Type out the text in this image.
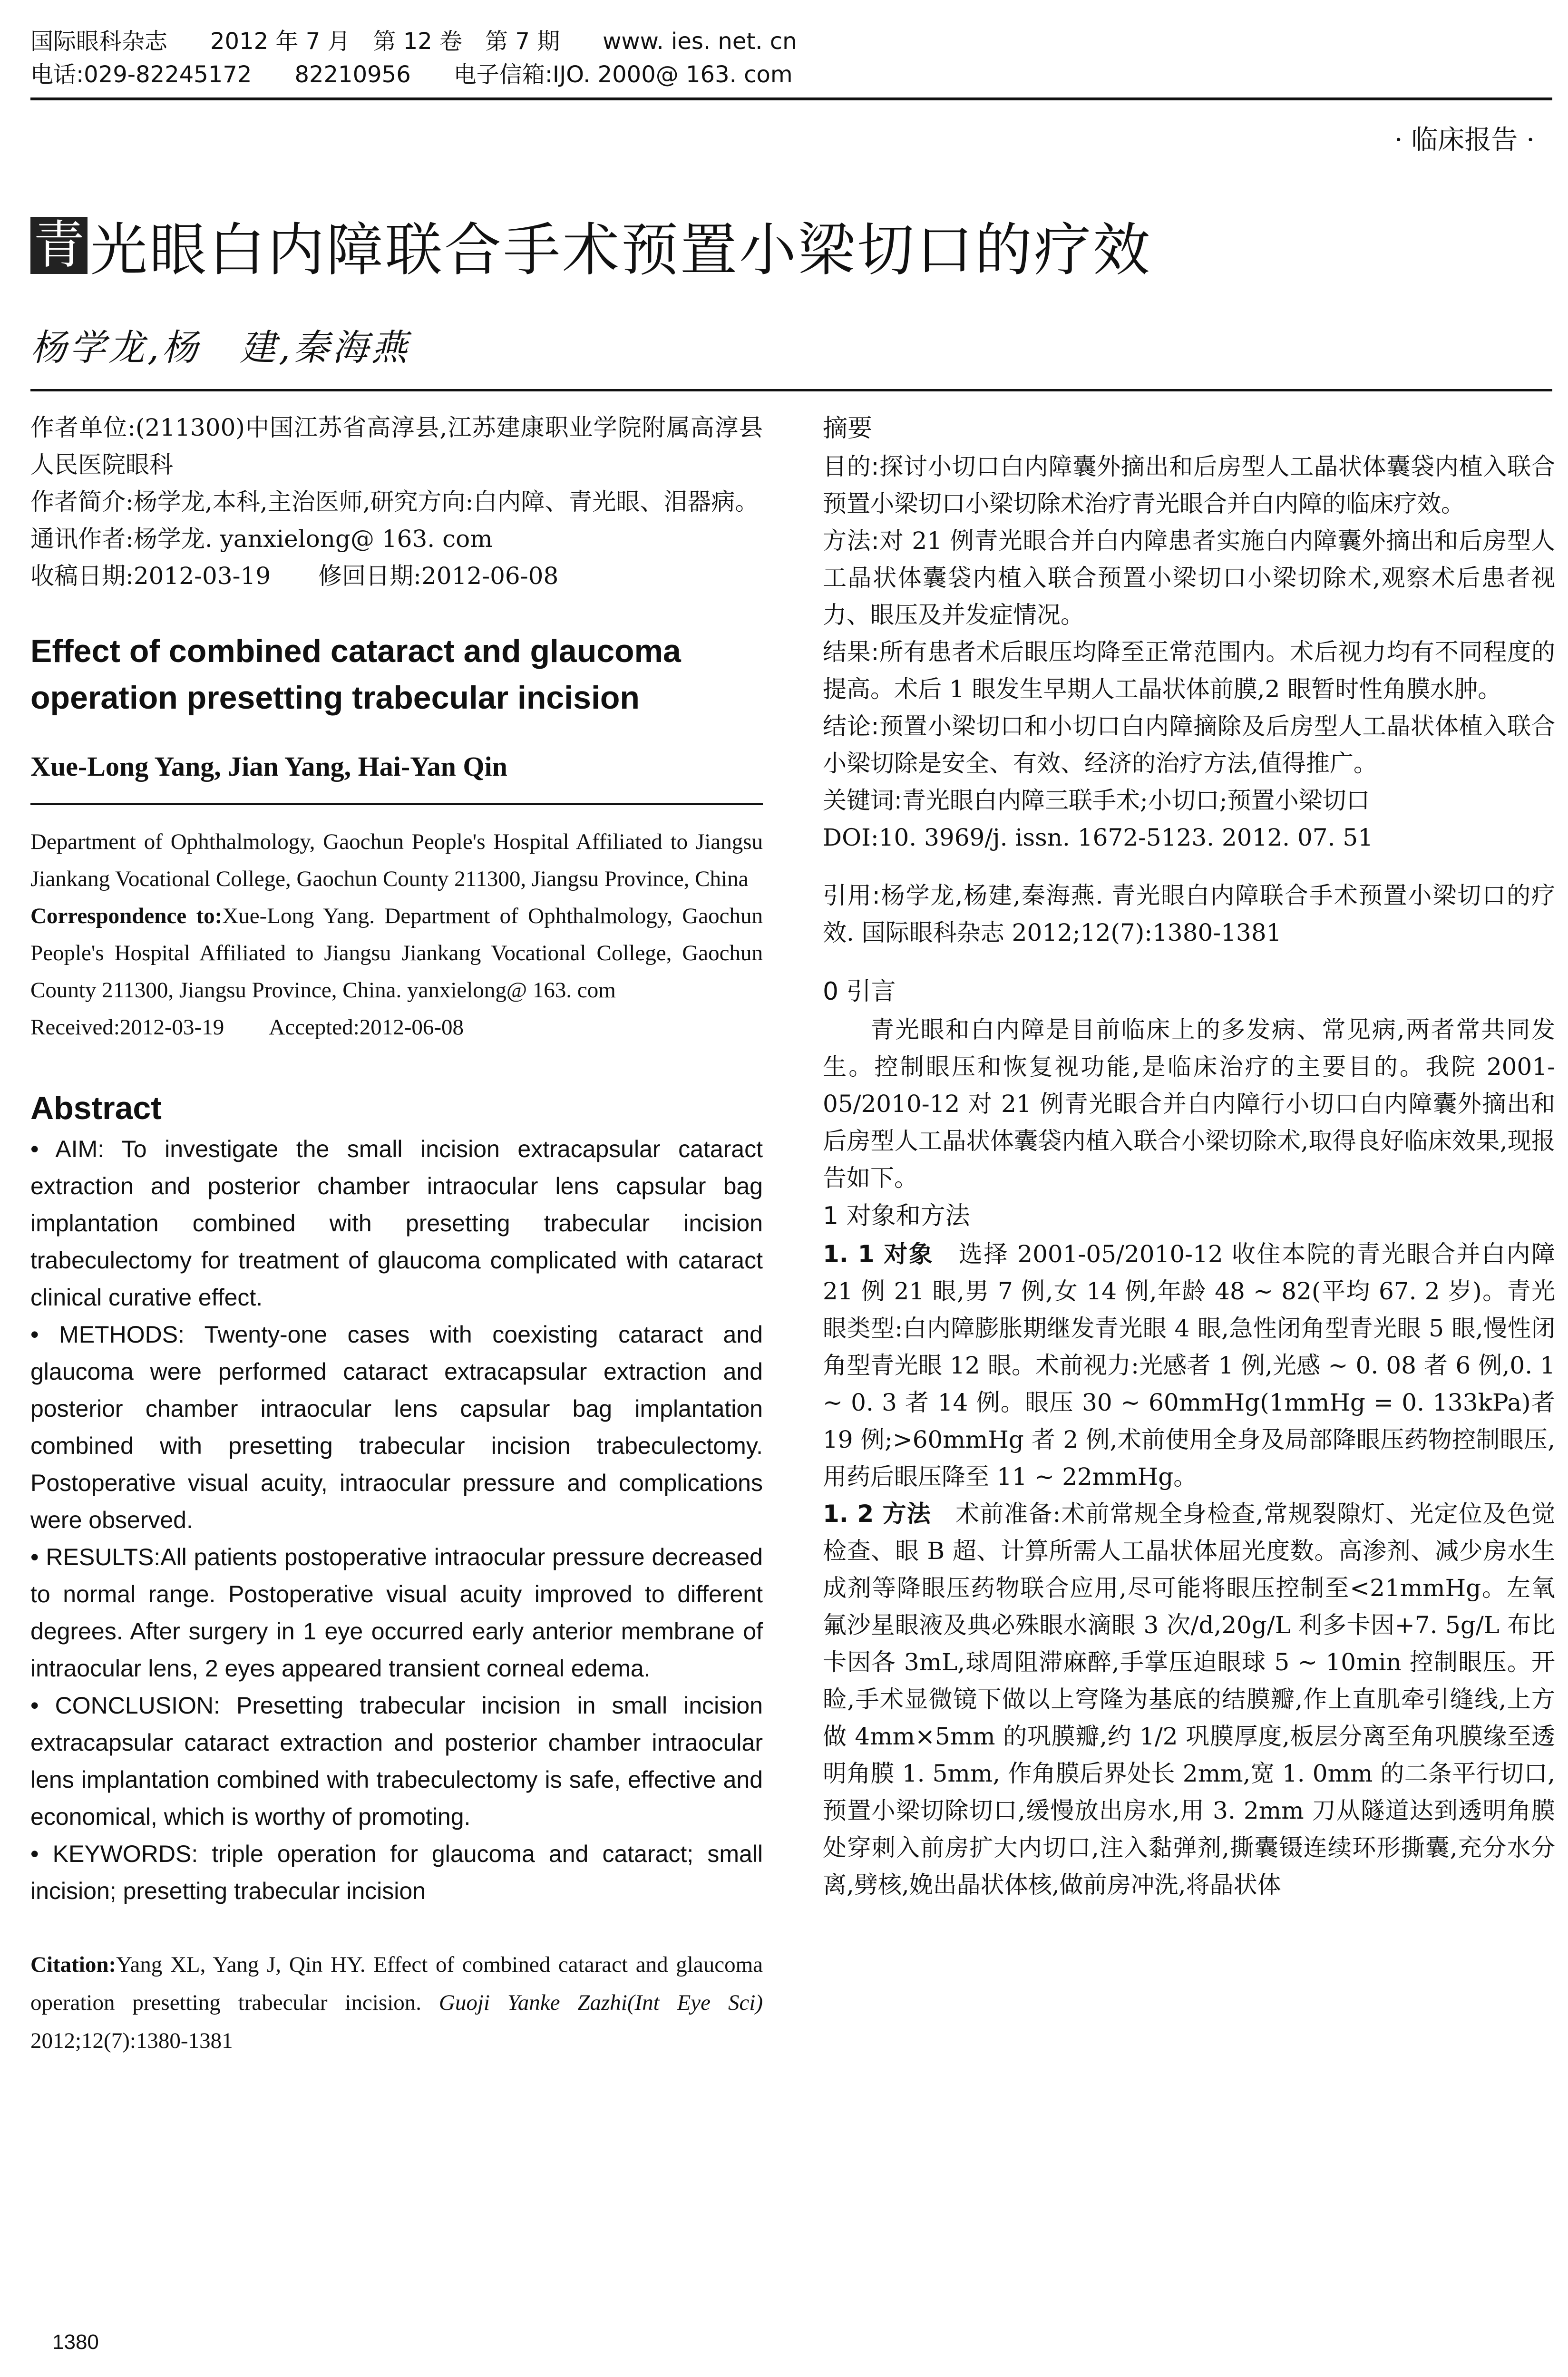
国际眼科杂志 2012 年 7 月　第 12 卷　第 7 期 www. ies. net. cn
电话:029-82245172 82210956 电子信箱:IJO. 2000@ 163. com
· 临床报告 ·
青 光眼白内障联合手术预置小梁切口的疗效
杨学龙,杨　建,秦海燕

作者单位:(211300)中国江苏省高淳县,江苏建康职业学院附属高淳县人民医院眼科

作者简介:杨学龙,本科,主治医师,研究方向:白内障、青光眼、泪器病。

通讯作者:杨学龙. yanxielong@ 163. com

收稿日期:2012-03-19　　修回日期:2012-06-08

Effect of combined cataract and glaucoma operation presetting trabecular incision
Xue-Long Yang, Jian Yang, Hai-Yan Qin

Department of Ophthalmology, Gaochun People's Hospital Affiliated to Jiangsu Jiankang Vocational College, Gaochun County 211300, Jiangsu Province, China

Correspondence to:Xue-Long Yang. Department of Ophthalmology, Gaochun People's Hospital Affiliated to Jiangsu Jiankang Vocational College, Gaochun County 211300, Jiangsu Province, China. yanxielong@ 163. com

Received:2012-03-19　　Accepted:2012-06-08

Abstract

• AIM: To investigate the small incision extracapsular cataract extraction and posterior chamber intraocular lens capsular bag implantation combined with presetting trabecular incision trabeculectomy for treatment of glaucoma complicated with cataract clinical curative effect.

• METHODS: Twenty-one cases with coexisting cataract and glaucoma were performed cataract extracapsular extraction and posterior chamber intraocular lens capsular bag implantation combined with presetting trabecular incision trabeculectomy. Postoperative visual acuity, intraocular pressure and complications were observed.

• RESULTS:All patients postoperative intraocular pressure decreased to normal range. Postoperative visual acuity improved to different degrees. After surgery in 1 eye occurred early anterior membrane of intraocular lens, 2 eyes appeared transient corneal edema.

• CONCLUSION: Presetting trabecular incision in small incision extracapsular cataract extraction and posterior chamber intraocular lens implantation combined with trabeculectomy is safe, effective and economical, which is worthy of promoting.

• KEYWORDS: triple operation for glaucoma and cataract; small incision; presetting trabecular incision

Citation:Yang XL, Yang J, Qin HY. Effect of combined cataract and glaucoma operation presetting trabecular incision. Guoji Yanke Zazhi(Int Eye Sci) 2012;12(7):1380-1381

1380

摘要

目的:探讨小切口白内障囊外摘出和后房型人工晶状体囊袋内植入联合预置小梁切口小梁切除术治疗青光眼合并白内障的临床疗效。

方法:对 21 例青光眼合并白内障患者实施白内障囊外摘出和后房型人工晶状体囊袋内植入联合预置小梁切口小梁切除术,观察术后患者视力、眼压及并发症情况。

结果:所有患者术后眼压均降至正常范围内。术后视力均有不同程度的提高。术后 1 眼发生早期人工晶状体前膜,2 眼暂时性角膜水肿。

结论:预置小梁切口和小切口白内障摘除及后房型人工晶状体植入联合小梁切除是安全、有效、经济的治疗方法,值得推广。

关键词:青光眼白内障三联手术;小切口;预置小梁切口

DOI:10. 3969/j. issn. 1672-5123. 2012. 07. 51

引用:杨学龙,杨建,秦海燕. 青光眼白内障联合手术预置小梁切口的疗效. 国际眼科杂志 2012;12(7):1380-1381

0 引言

青光眼和白内障是目前临床上的多发病、常见病,两者常共同发生。控制眼压和恢复视功能,是临床治疗的主要目的。我院 2001-05/2010-12 对 21 例青光眼合并白内障行小切口白内障囊外摘出和后房型人工晶状体囊袋内植入联合小梁切除术,取得良好临床效果,现报告如下。

1 对象和方法

1. 1 对象　 选择 2001-05/2010-12 收住本院的青光眼合并白内障 21 例 21 眼,男 7 例,女 14 例,年龄 48 ~ 82(平均 67. 2 岁)。青光眼类型:白内障膨胀期继发青光眼 4 眼,急性闭角型青光眼 5 眼,慢性闭角型青光眼 12 眼。术前视力:光感者 1 例,光感 ~ 0. 08 者 6 例,0. 1 ~ 0. 3 者 14 例。眼压 30 ~ 60mmHg(1mmHg = 0. 133kPa)者 19 例;>60mmHg 者 2 例,术前使用全身及局部降眼压药物控制眼压,用药后眼压降至 11 ~ 22mmHg。

1. 2 方法　 术前准备:术前常规全身检查,常规裂隙灯、光定位及色觉检查、眼 B 超、计算所需人工晶状体屈光度数。高渗剂、减少房水生成剂等降眼压药物联合应用,尽可能将眼压控制至<21mmHg。左氧氟沙星眼液及典必殊眼水滴眼 3 次/d,20g/L 利多卡因+7. 5g/L 布比卡因各 3mL,球周阻滞麻醉,手掌压迫眼球 5 ~ 10min 控制眼压。开睑,手术显微镜下做以上穹隆为基底的结膜瓣,作上直肌牵引缝线,上方做 4mm×5mm 的巩膜瓣,约 1/2 巩膜厚度,板层分离至角巩膜缘至透明角膜 1. 5mm, 作角膜后界处长 2mm,宽 1. 0mm 的二条平行切口,预置小梁切除切口,缓慢放出房水,用 3. 2mm 刀从隧道达到透明角膜处穿刺入前房扩大内切口,注入黏弹剂,撕囊镊连续环形撕囊,充分水分离,劈核,娩出晶状体核,做前房冲洗,将晶状体
